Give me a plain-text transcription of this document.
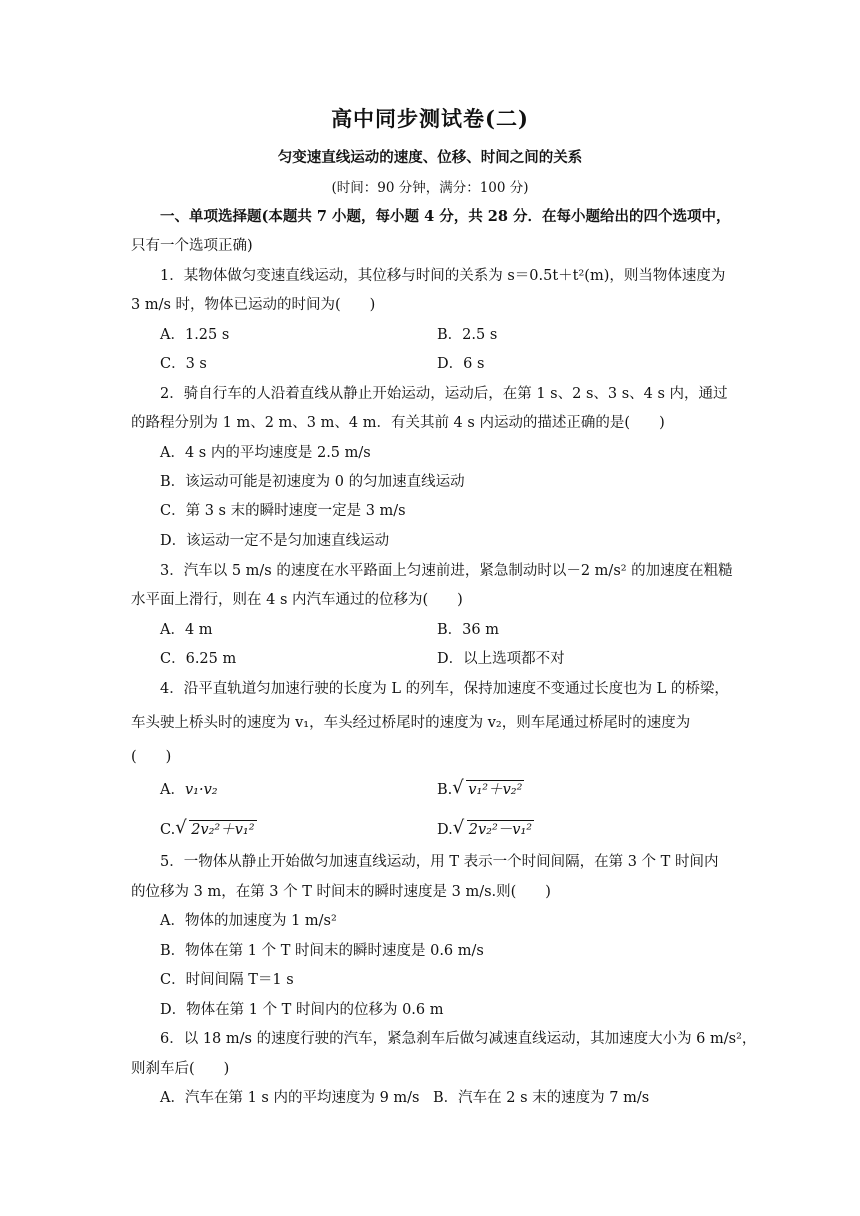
高中同步测试卷(二)
匀变速直线运动的速度、位移、时间之间的关系
(时间：90 分钟，满分：100 分)
一、单项选择题(本题共 7 小题，每小题 4 分，共 28 分．在每小题给出的四个选项中，
只有一个选项正确)
1．某物体做匀变速直线运动，其位移与时间的关系为 s＝0.5t＋t²(m)，则当物体速度为
3 m/s 时，物体已运动的时间为(　　)
A．1.25 s	B．2.5 s
C．3 s	D．6 s
2．骑自行车的人沿着直线从静止开始运动，运动后，在第 1 s、2 s、3 s、4 s 内，通过
的路程分别为 1 m、2 m、3 m、4 m．有关其前 4 s 内运动的描述正确的是(　　)
A．4 s 内的平均速度是 2.5 m/s
B．该运动可能是初速度为 0 的匀加速直线运动
C．第 3 s 末的瞬时速度一定是 3 m/s
D．该运动一定不是匀加速直线运动
3．汽车以 5 m/s 的速度在水平路面上匀速前进，紧急制动时以－2 m/s² 的加速度在粗糙
水平面上滑行，则在 4 s 内汽车通过的位移为(　　)
A．4 m	B．36 m
C．6.25 m	D．以上选项都不对
4．沿平直轨道匀加速行驶的长度为 L 的列车，保持加速度不变通过长度也为 L 的桥梁，
车头驶上桥头时的速度为 v₁，车头经过桥尾时的速度为 v₂，则车尾通过桥尾时的速度为
(　　)
A．v₁·v₂	B. √ v₁²＋v₂²
C. √ 2v₂²＋v₁²	D. √ 2v₂²－v₁²
5．一物体从静止开始做匀加速直线运动，用 T 表示一个时间间隔，在第 3 个 T 时间内
的位移为 3 m，在第 3 个 T 时间末的瞬时速度是 3 m/s.则(　　)
A．物体的加速度为 1 m/s²
B．物体在第 1 个 T 时间末的瞬时速度是 0.6 m/s
C．时间间隔 T＝1 s
D．物体在第 1 个 T 时间内的位移为 0.6 m
6．以 18 m/s 的速度行驶的汽车，紧急刹车后做匀减速直线运动，其加速度大小为 6 m/s²，
则刹车后(　　)
A．汽车在第 1 s 内的平均速度为 9 m/s B．汽车在 2 s 末的速度为 7 m/s
